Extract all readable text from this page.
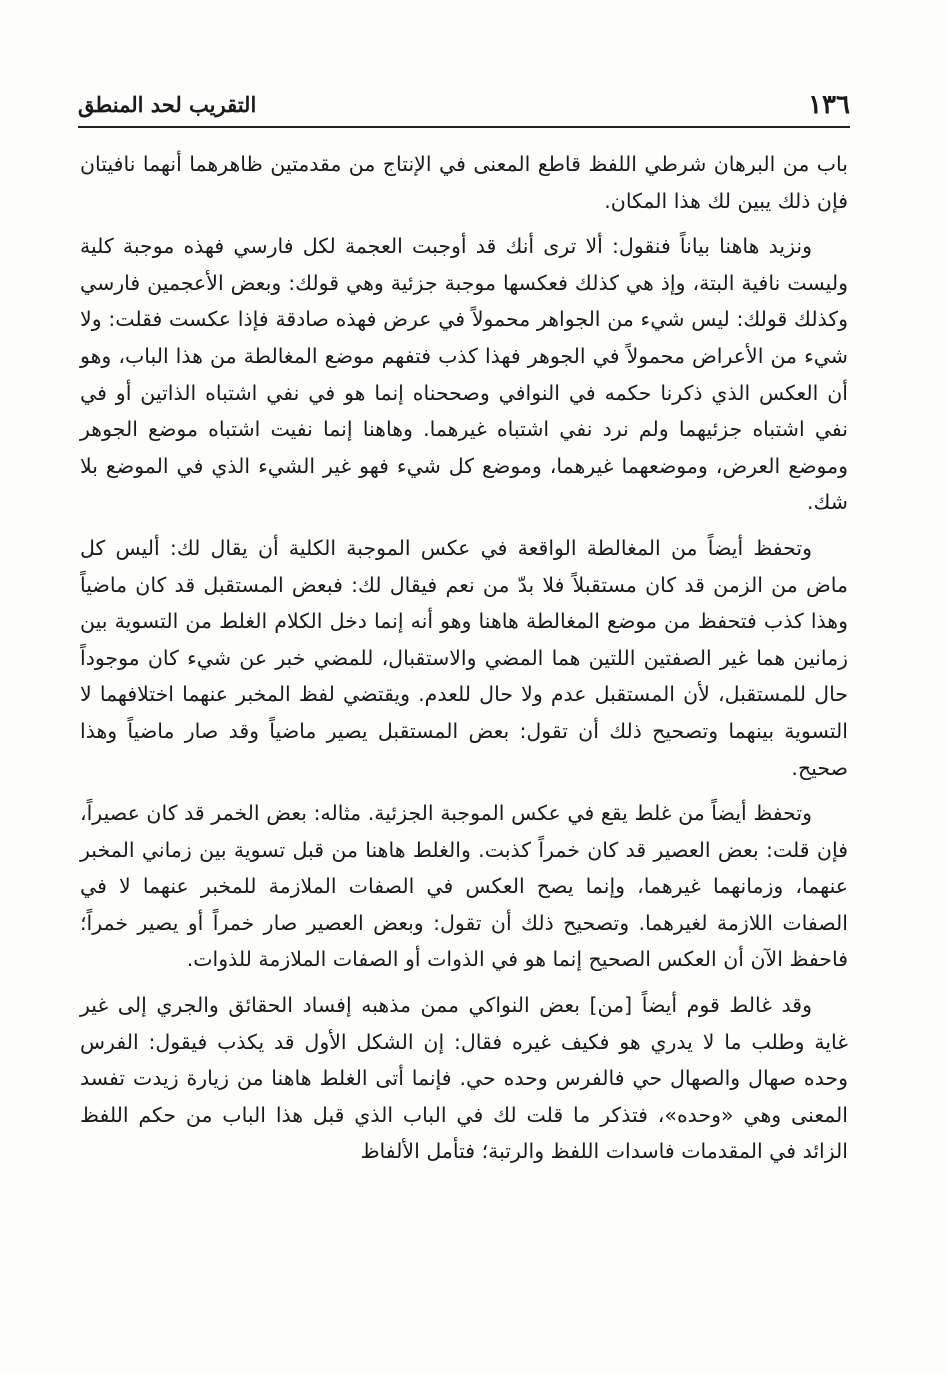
١٣٦
التقريب لحد المنطق

باب من البرهان شرطي اللفظ قاطع المعنى في الإنتاج من مقدمتين ظاهرهما أنهما نافيتان فإن ذلك يبين لك هذا المكان.

ونزيد هاهنا بياناً فنقول: ألا ترى أنك قد أوجبت العجمة لكل فارسي فهذه موجبة كلية وليست نافية البتة، وإذ هي كذلك فعكسها موجبة جزئية وهي قولك: وبعض الأعجمين فارسي وكذلك قولك: ليس شيء من الجواهر محمولاً في عرض فهذه صادقة فإذا عكست فقلت: ولا شيء من الأعراض محمولاً في الجوهر فهذا كذب فتفهم موضع المغالطة من هذا الباب، وهو أن العكس الذي ذكرنا حكمه في النوافي وصححناه إنما هو في نفي اشتباه الذاتين أو في نفي اشتباه جزئيهما ولم نرد نفي اشتباه غيرهما. وهاهنا إنما نفيت اشتباه موضع الجوهر وموضع العرض، وموضعهما غيرهما، وموضع كل شيء فهو غير الشيء الذي في الموضع بلا شك.

وتحفظ أيضاً من المغالطة الواقعة في عكس الموجبة الكلية أن يقال لك: أليس كل ماض من الزمن قد كان مستقبلاً فلا بدّ من نعم فيقال لك: فبعض المستقبل قد كان ماضياً وهذا كذب فتحفظ من موضع المغالطة هاهنا وهو أنه إنما دخل الكلام الغلط من التسوية بين زمانين هما غير الصفتين اللتين هما المضي والاستقبال، للمضي خبر عن شيء كان موجوداً حال للمستقبل، لأن المستقبل عدم ولا حال للعدم. ويقتضي لفظ المخبر عنهما اختلافهما لا التسوية بينهما وتصحيح ذلك أن تقول: بعض المستقبل يصير ماضياً وقد صار ماضياً وهذا صحيح.

وتحفظ أيضاً من غلط يقع في عكس الموجبة الجزئية. مثاله: بعض الخمر قد كان عصيراً، فإن قلت: بعض العصير قد كان خمراً كذبت. والغلط هاهنا من قبل تسوية بين زماني المخبر عنهما، وزمانهما غيرهما، وإنما يصح العكس في الصفات الملازمة للمخبر عنهما لا في الصفات اللازمة لغيرهما. وتصحيح ذلك أن تقول: وبعض العصير صار خمراً أو يصير خمراً؛ فاحفظ الآن أن العكس الصحيح إنما هو في الذوات أو الصفات الملازمة للذوات.

وقد غالط قوم أيضاً [من] بعض النواكي ممن مذهبه إفساد الحقائق والجري إلى غير غاية وطلب ما لا يدري هو فكيف غيره فقال: إن الشكل الأول قد يكذب فيقول: الفرس وحده صهال والصهال حي فالفرس وحده حي. فإنما أتى الغلط هاهنا من زيارة زيدت تفسد المعنى وهي «وحده»، فتذكر ما قلت لك في الباب الذي قبل هذا الباب من حكم اللفظ الزائد في المقدمات فاسدات اللفظ والرتبة؛ فتأمل الألفاظ
